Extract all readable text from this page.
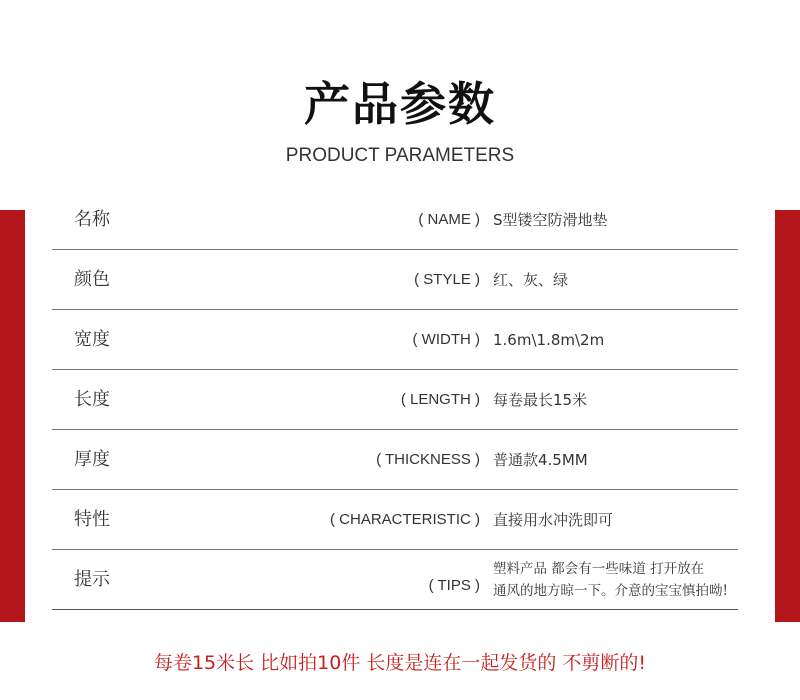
产品参数
PRODUCT PARAMETERS
名称	( NAME ) S型镂空防滑地垫
颜色	( STYLE ) 红、灰、绿
宽度	( WIDTH ) 1.6m\1.8m\2m
长度	( LENGTH ) 每卷最长15米
厚度	( THICKNESS ) 普通款4.5MM
特性	( CHARACTERISTIC ) 直接用水冲洗即可
提示	( TIPS )
塑料产品 都会有一些味道 打开放在
通风的地方晾一下。介意的宝宝慎拍呦!
每卷15米长 比如拍10件 长度是连在一起发货的 不剪断的!
